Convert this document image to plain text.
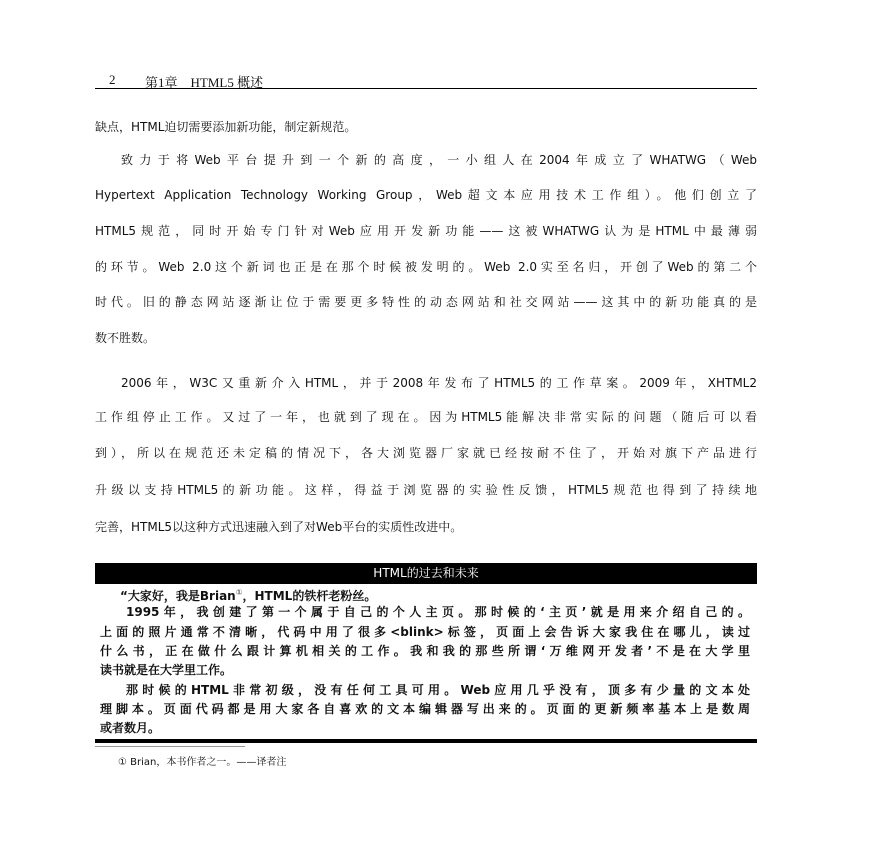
2 第1章　HTML5 概述
缺点，HTML迫切需要添加新功能，制定新规范。
致力于将Web平台提升到一个新的高度，一小组人在2004年成立了WHATWG（Web
Hypertext Application Technology Working Group，Web超文本应用技术工作组）。他们创立了
HTML5规范，同时开始专门针对Web应用开发新功能——这被WHATWG认为是HTML中最薄弱
的环节。Web 2.0这个新词也正是在那个时候被发明的。Web 2.0实至名归，开创了Web的第二个
时代。旧的静态网站逐渐让位于需要更多特性的动态网站和社交网站——这其中的新功能真的是
数不胜数。
2006年，W3C又重新介入HTML，并于2008年发布了HTML5的工作草案。2009年，XHTML2
工作组停止工作。又过了一年，也就到了现在。因为HTML5能解决非常实际的问题（随后可以看
到），所以在规范还未定稿的情况下，各大浏览器厂家就已经按耐不住了，开始对旗下产品进行
升级以支持HTML5的新功能。这样，得益于浏览器的实验性反馈，HTML5规范也得到了持续地
完善，HTML5以这种方式迅速融入到了对Web平台的实质性改进中。
HTML的过去和未来
“大家好，我是Brian①，HTML的铁杆老粉丝。
1995年，我创建了第一个属于自己的个人主页。那时候的‘主页’就是用来介绍自己的。
上面的照片通常不清晰，代码中用了很多<blink>标签，页面上会告诉大家我住在哪儿，读过
什么书，正在做什么跟计算机相关的工作。我和我的那些所谓‘万维网开发者’不是在大学里
读书就是在大学里工作。
那时候的HTML非常初级，没有任何工具可用。Web应用几乎没有，顶多有少量的文本处
理脚本。页面代码都是用大家各自喜欢的文本编辑器写出来的。页面的更新频率基本上是数周
或者数月。
① Brian，本书作者之一。——译者注
